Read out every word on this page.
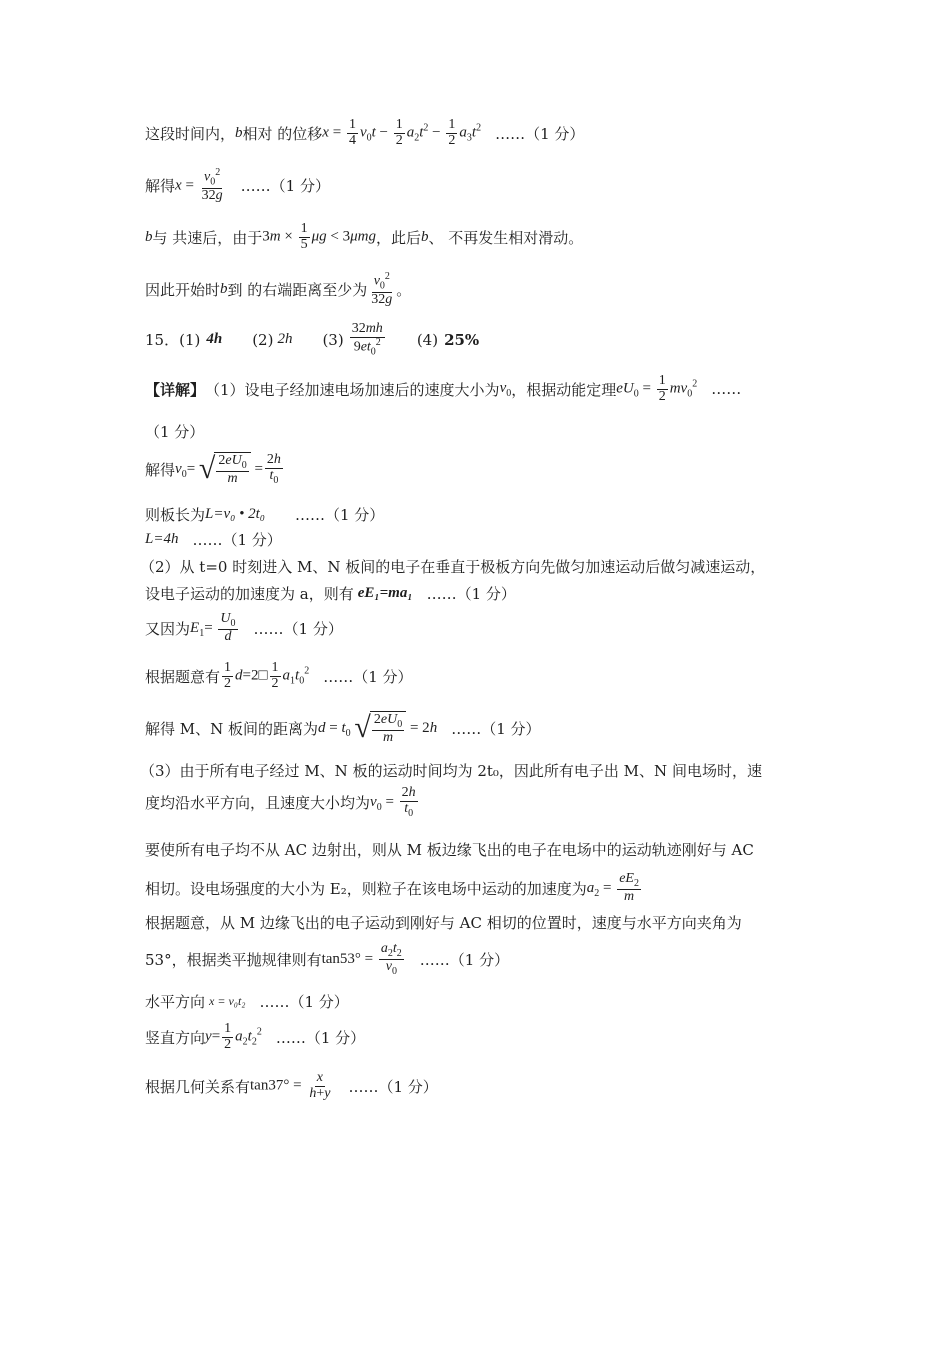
这段时间内， b 相对 的位移 $x = \frac{1}{4} v_0t - \frac{1}{2} a_2t^2 - \frac{1}{2} a_3t^2$ ……（1 分）
解得 $x = \frac{v_0^2}{32g}$ ……（1 分）
b 与 共速后，由于 $3m \times \frac{1}{5}$ μg < 3μmg ，此后 b 、 不再发生相对滑动。
因此开始时 b 到 的右端距离至少为 $\frac{v_0^2}{32g}$ 。
15．(1) 4h (2) 2h $(3) \frac{32mh}{9et_0^2} (4)$ 25%
【详解】 （1）设电子经加速电场加速后的速度大小为 $v_0$ ，根据动能定理 $eU_0 = \frac{1}{2} mv_0^2$ ……
（1 分）
解得 $v_0=$ √ $\frac{2eU_0}{m} = \frac{2h}{t_0}$
则板长为 L=v₀ • 2t₀ ……（1 分）
L=4h ……（1 分）
（2）从 t=0 时刻进入 M、N 板间的电子在垂直于极板方向先做匀加速运动后做匀减速运动，
设电子运动的加速度为 a，则有 eE₁=ma₁ ……（1 分）
又因为 $E_1= \frac{U_0}{d}$ ……（1 分）
根据题意有 $\frac{1}{2}$ d=2□ $\frac{1}{2} a_1t_0^2$ ……（1 分）
解得 M、N 板间的距离为 $d = t_0$ √ $\frac{2eU_0}{m} = 2h$ ……（1 分）
（3）由于所有电子经过 M、N 板的运动时间均为 2t₀，因此所有电子出 M、N 间电场时，速
度均沿水平方向，且速度大小均为 $v_0 = \frac{2h}{t_0}$
要使所有电子均不从 AC 边射出，则从 M 板边缘飞出的电子在电场中的运动轨迹刚好与 AC
相切。设电场强度的大小为 E₂，则粒子在该电场中运动的加速度为 $a_2 = \frac{eE_2}{m}$
根据题意，从 M 边缘飞出的电子运动到刚好与 AC 相切的位置时，速度与水平方向夹角为
53°，根据类平抛规律则有 $\tan 53^\circ = \frac{a_2t_2}{v_0}$ ……（1 分）
水平方向 x = v₀t₂ ……（1 分）
竖直方向 $y= \frac{1}{2} a_2t_2^2$ ……（1 分）
根据几何关系有 $\tan 37^\circ = \frac{x}{h+y}$ ……（1 分）
